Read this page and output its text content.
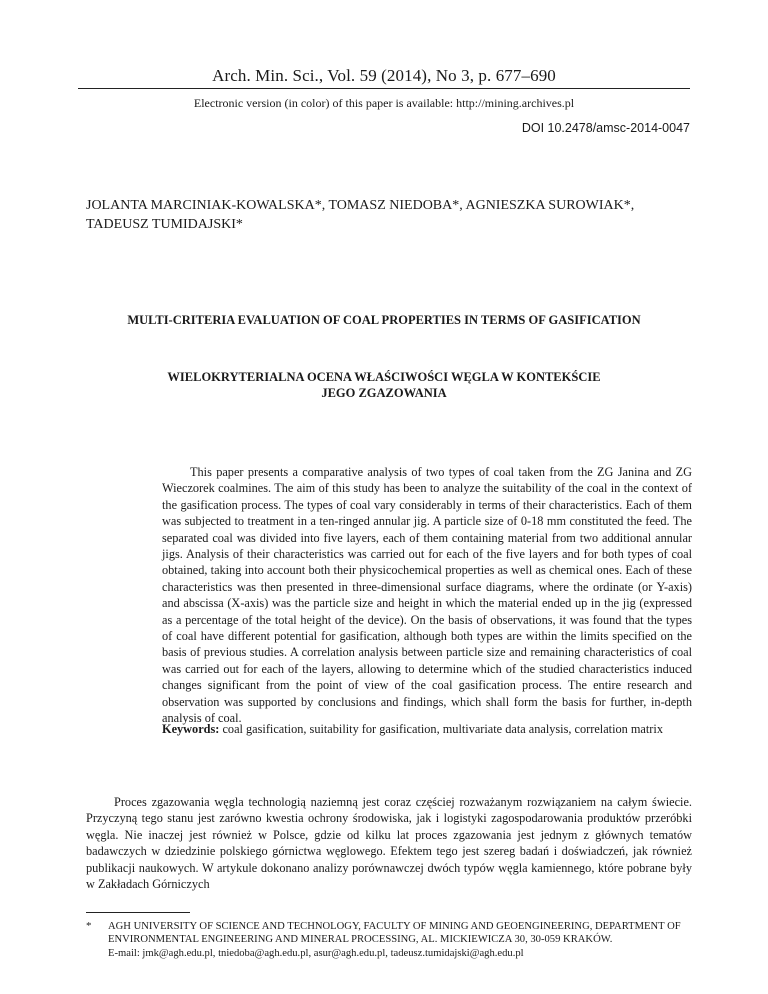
Arch. Min. Sci., Vol. 59 (2014), No 3, p. 677–690
Electronic version (in color) of this paper is available: http://mining.archives.pl
DOI 10.2478/amsc-2014-0047
JOLANTA MARCINIAK-KOWALSKA*, TOMASZ NIEDOBA*, AGNIESZKA SUROWIAK*, TADEUSZ TUMIDAJSKI*
MULTI-CRITERIA EVALUATION OF COAL PROPERTIES IN TERMS OF GASIFICATION
WIELOKRYTERIALNA OCENA WŁAŚCIWOŚCI WĘGLA W KONTEKŚCIE
JEGO ZGAZOWANIA

This paper presents a comparative analysis of two types of coal taken from the ZG Janina and ZG Wieczorek coalmines. The aim of this study has been to analyze the suitability of the coal in the context of the gasification process. The types of coal vary considerably in terms of their characteristics. Each of them was subjected to treatment in a ten-ringed annular jig. A particle size of 0-18 mm constituted the feed. The separated coal was divided into five layers, each of them containing material from two additional annular jigs. Analysis of their characteristics was carried out for each of the five layers and for both types of coal obtained, taking into account both their physicochemical properties as well as chemical ones. Each of these characteristics was then presented in three-dimensional surface diagrams, where the ordinate (or Y-axis) and abscissa (X-axis) was the particle size and height in which the material ended up in the jig (expressed as a percentage of the total height of the device). On the basis of observations, it was found that the types of coal have different potential for gasification, although both types are within the limits specified on the basis of previous studies. A correlation analysis between particle size and remaining characteristics of coal was carried out for each of the layers, allowing to determine which of the studied characteristics induced changes significant from the point of view of the coal gasification process. The entire research and observation was supported by conclusions and findings, which shall form the basis for further, in-depth analysis of coal.

Keywords: coal gasification, suitability for gasification, multivariate data analysis, correlation matrix

Proces zgazowania węgla technologią naziemną jest coraz częściej rozważanym rozwiązaniem na całym świecie. Przyczyną tego stanu jest zarówno kwestia ochrony środowiska, jak i logistyki zagospodarowania produktów przeróbki węgla. Nie inaczej jest również w Polsce, gdzie od kilku lat proces zgazowania jest jednym z głównych tematów badawczych w dziedzinie polskiego górnictwa węglowego. Efektem tego jest szereg badań i doświadczeń, jak również publikacji naukowych. W artykule dokonano analizy porównawczej dwóch typów węgla kamiennego, które pobrane były w Zakładach Górniczych

* AGH UNIVERSITY OF SCIENCE AND TECHNOLOGY, FACULTY OF MINING AND GEOENGINEERING, DEPARTMENT OF ENVIRONMENTAL ENGINEERING AND MINERAL PROCESSING, AL. MICKIEWICZA 30, 30-059 KRAKÓW.
E-mail: jmk@agh.edu.pl, tniedoba@agh.edu.pl, asur@agh.edu.pl, tadeusz.tumidajski@agh.edu.pl
